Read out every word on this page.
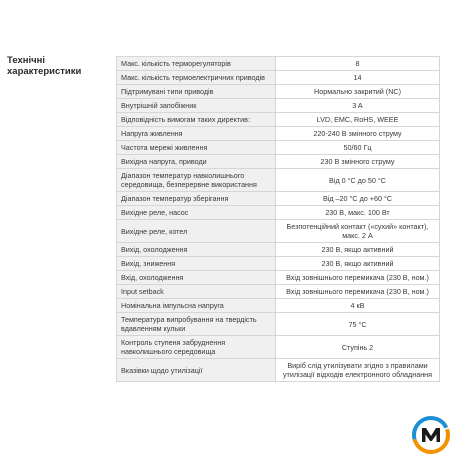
Технічні характеристики
Макс. кількість терморегуляторів	8
Макс. кількість термоелектричних приводів	14
Підтримувані типи приводів	Нормально закритий (NC)
Внутрішній запобіжник	3 A
Відповідність вимогам таких директив:	LVD, EMC, RoHS, WEEE
Напруга живлення	220-240 В змінного струму
Частота мережі живлення	50/60 Гц
Вихідна напруга, приводи	230 В змінного струму
Діапазон температур навколишнього середовища, безперервне використання	Від 0 °C до 50 °C
Діапазон температур зберігання	Від –20 °C до +60 °C
Вихідне реле, насос	230 В, макс. 100 Вт
Вихідне реле, котел	Безпотенційний контакт («сухий» контакт), макс. 2 А
Вихід, охолодження	230 В, якщо активний
Вихід, зниження	230 В, якщо активний
Вхід, охолодження	Вхід зовнішнього перемикача (230 В, ном.)
Input setback	Вхід зовнішнього перемикача (230 В, ном.)
Номінальна імпульсна напруга	4 кВ
Температура випробування на твердість вдавленням кульки	75 °C
Контроль ступеня забруднення навколишнього середовища	Ступінь 2
Вказівки щодо утилізації	Виріб слід утилізувати згідно з правилами утилізації відходів електронного обладнання
